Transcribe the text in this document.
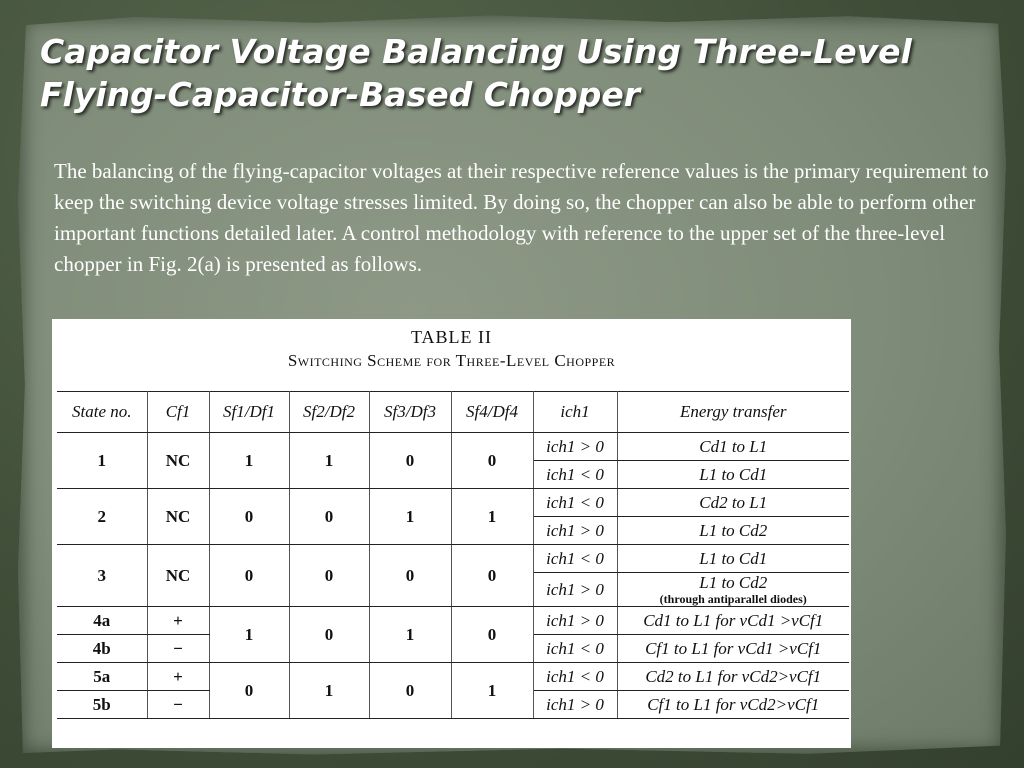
Capacitor Voltage Balancing Using Three-Level
Flying-Capacitor-Based Chopper

The balancing of the flying-capacitor voltages at their respective reference values is the primary requirement to keep the switching device voltage stresses limited. By doing so, the chopper can also be able to perform other important functions detailed later. A control methodology with reference to the upper set of the three-level chopper in Fig. 2(a) is presented as follows.

TABLE II
Switching Scheme for Three-Level Chopper
State no.	Cf1	Sf1/Df1	Sf2/Df2	Sf3/Df3	Sf4/Df4	ich1	Energy transfer
1	NC	1	1	0	0	ich1 > 0	Cd1 to L1
						ich1 < 0	L1 to Cd1
2	NC	0	0	1	1	ich1 < 0	Cd2 to L1
						ich1 > 0	L1 to Cd2
3	NC	0	0	0	0	ich1 < 0	L1 to Cd1
						ich1 > 0	L1 to Cd2
(through antiparallel diodes)

4a	+	1	0	1	0	ich1 > 0	Cd1 to L1 for vCd1 >vCf1
4b	−					ich1 < 0	Cf1 to L1 for vCd1 >vCf1
5a	+	0	1	0	1	ich1 < 0	Cd2 to L1 for vCd2>vCf1
5b	−					ich1 > 0	Cf1 to L1 for vCd2>vCf1
